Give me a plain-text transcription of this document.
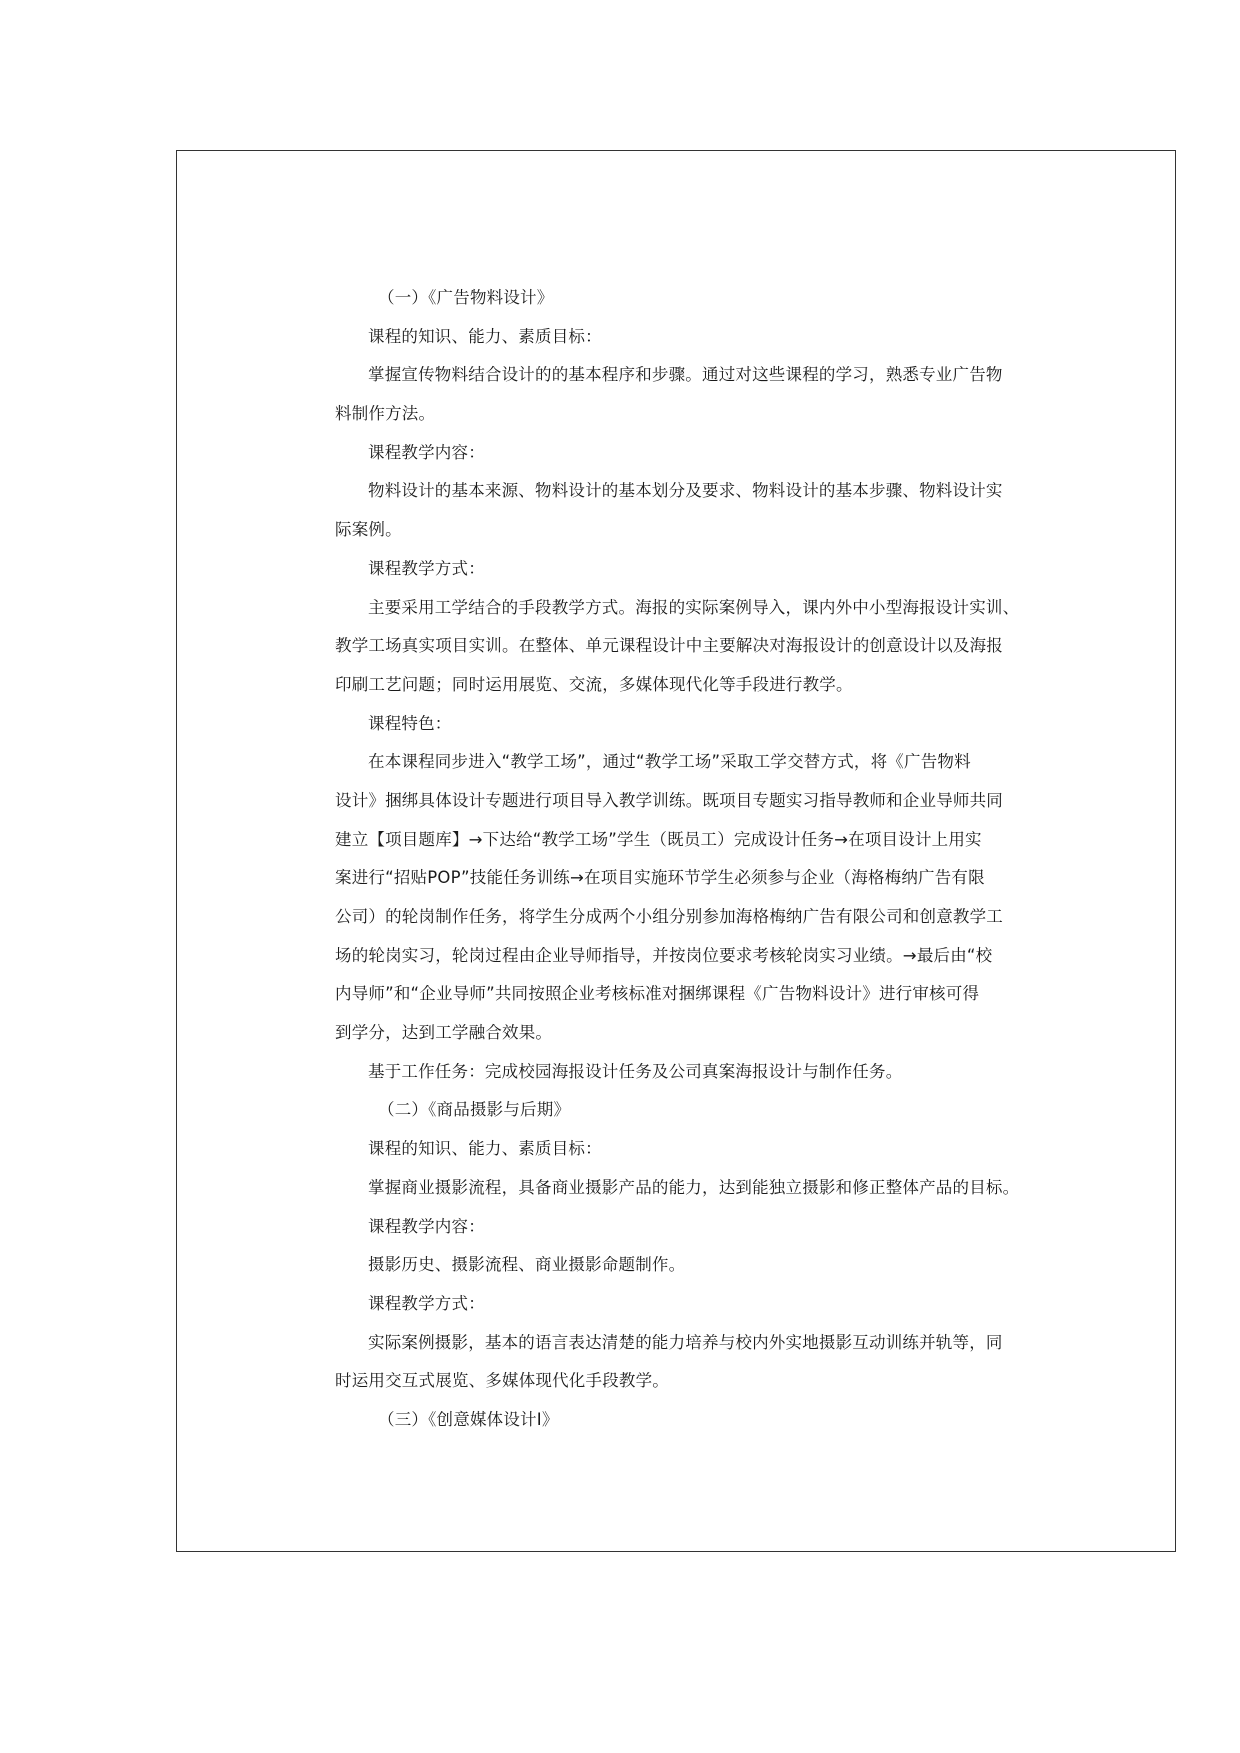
（一）《广告物料设计》
课程的知识、能力、素质目标：
掌握宣传物料结合设计的的基本程序和步骤。通过对这些课程的学习，熟悉专业广告物
料制作方法。
课程教学内容：
物料设计的基本来源、物料设计的基本划分及要求、物料设计的基本步骤、物料设计实
际案例。
课程教学方式：
主要采用工学结合的手段教学方式。海报的实际案例导入，课内外中小型海报设计实训、
教学工场真实项目实训。在整体、单元课程设计中主要解决对海报设计的创意设计以及海报
印刷工艺问题；同时运用展览、交流，多媒体现代化等手段进行教学。
课程特色：
在本课程同步进入“教学工场”，通过“教学工场”采取工学交替方式，将《广告物料
设计》捆绑具体设计专题进行项目导入教学训练。既项目专题实习指导教师和企业导师共同
建立【项目题库】→下达给“教学工场”学生（既员工）完成设计任务→在项目设计上用实
案进行“招贴POP”技能任务训练→在项目实施环节学生必须参与企业（海格梅纳广告有限
公司）的轮岗制作任务，将学生分成两个小组分别参加海格梅纳广告有限公司和创意教学工
场的轮岗实习，轮岗过程由企业导师指导，并按岗位要求考核轮岗实习业绩。→最后由“校
内导师”和“企业导师”共同按照企业考核标准对捆绑课程《广告物料设计》进行审核可得
到学分，达到工学融合效果。
基于工作任务：完成校园海报设计任务及公司真案海报设计与制作任务。
（二）《商品摄影与后期》
课程的知识、能力、素质目标：
掌握商业摄影流程，具备商业摄影产品的能力，达到能独立摄影和修正整体产品的目标。
课程教学内容：
摄影历史、摄影流程、商业摄影命题制作。
课程教学方式：
实际案例摄影，基本的语言表达清楚的能力培养与校内外实地摄影互动训练并轨等，同
时运用交互式展览、多媒体现代化手段教学。
（三）《创意媒体设计Ⅰ》
